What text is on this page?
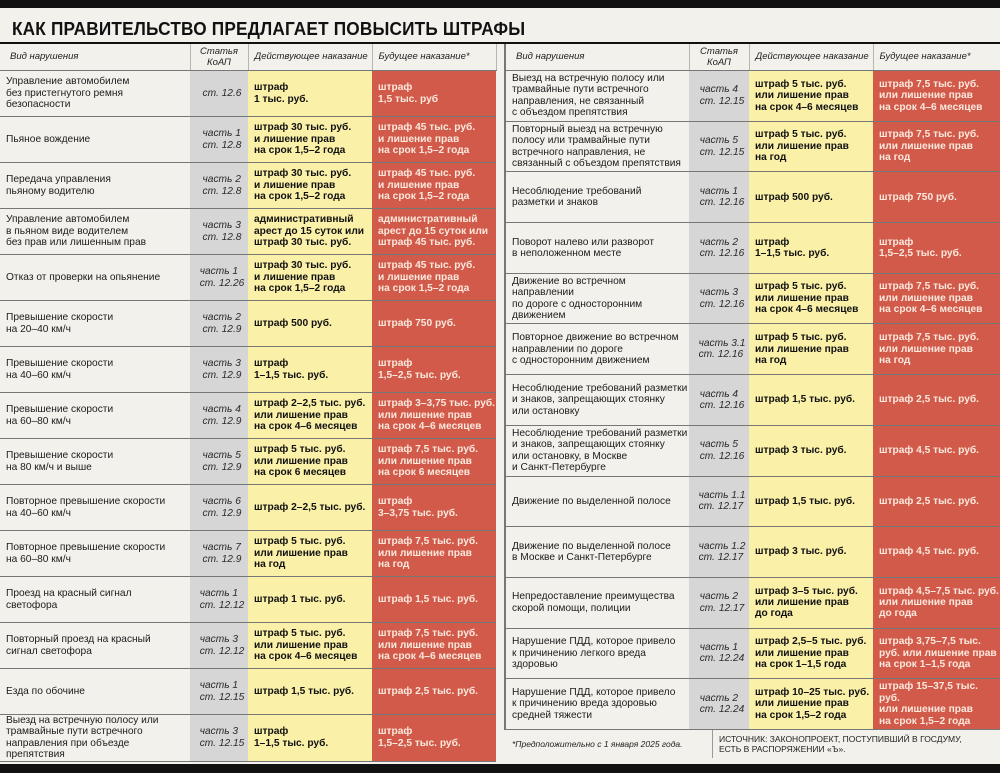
КАК ПРАВИТЕЛЬСТВО ПРЕДЛАГАЕТ ПОВЫСИТЬ ШТРАФЫ
Вид нарушения	Статья КоАП	Действующее наказание	Будущее наказание*

Управление автомобилем
без пристегнутого ремня
безопасности	ст. 12.6	штраф
1 тыс. руб.	штраф
1,5 тыс. руб

Пьяное вождение	часть 1
ст. 12.8	штраф 30 тыс. руб.
и лишение прав
на срок 1,5–2 года	штраф 45 тыс. руб.
и лишение прав
на срок 1,5–2 года

Передача управления
пьяному водителю	часть 2
ст. 12.8	штраф 30 тыс. руб.
и лишение прав
на срок 1,5–2 года	штраф 45 тыс. руб.
и лишение прав
на срок 1,5–2 года

Управление автомобилем
в пьяном виде водителем
без прав или лишенным прав	часть 3
ст. 12.8	административный
арест до 15 суток или
штраф 30 тыс. руб.	административный
арест до 15 суток или
штраф 45 тыс. руб.

Отказ от проверки на опьянение	часть 1
ст. 12.26	штраф 30 тыс. руб.
и лишение прав
на срок 1,5–2 года	штраф 45 тыс. руб.
и лишение прав
на срок 1,5–2 года

Превышение скорости
на 20–40 км/ч	часть 2
ст. 12.9	штраф 500 руб.	штраф 750 руб.

Превышение скорости
на 40–60 км/ч	часть 3
ст. 12.9	штраф
1–1,5 тыс. руб.	штраф
1,5–2,5 тыс. руб.

Превышение скорости
на 60–80 км/ч	часть 4
ст. 12.9	штраф 2–2,5 тыс. руб.
или лишение прав
на срок 4–6 месяцев	штраф 3–3,75 тыс. руб.
или лишение прав
на срок 4–6 месяцев

Превышение скорости
на 80 км/ч и выше	часть 5
ст. 12.9	штраф 5 тыс. руб.
или лишение прав
на срок 6 месяцев	штраф 7,5 тыс. руб.
или лишение прав
на срок 6 месяцев

Повторное превышение скорости
на 40–60 км/ч	часть 6
ст. 12.9	штраф 2–2,5 тыс. руб.	штраф
3–3,75 тыс. руб.

Повторное превышение скорости
на 60–80 км/ч	часть 7
ст. 12.9	штраф 5 тыс. руб.
или лишение прав
на год	штраф 7,5 тыс. руб.
или лишение прав
на год

Проезд на красный сигнал
светофора	часть 1
ст. 12.12	штраф 1 тыс. руб.	штраф 1,5 тыс. руб.

Повторный проезд на красный
сигнал светофора	часть 3
ст. 12.12	штраф 5 тыс. руб.
или лишение прав
на срок 4–6 месяцев	штраф 7,5 тыс. руб.
или лишение прав
на срок 4–6 месяцев

Езда по обочине	часть 1
ст. 12.15	штраф 1,5 тыс. руб.	штраф 2,5 тыс. руб.

Выезд на встречную полосу или
трамвайные пути встречного
направления при объезде препятствия	часть 3
ст. 12.15	штраф
1–1,5 тыс. руб.	штраф
1,5–2,5 тыс. руб.
Вид нарушения	Статья КоАП	Действующее наказание	Будущее наказание*

Выезд на встречную полосу или
трамвайные пути встречного
направления, не связанный
с объездом препятствия	часть 4
ст. 12.15	штраф 5 тыс. руб.
или лишение прав
на срок 4–6 месяцев	штраф 7,5 тыс. руб.
или лишение прав
на срок 4–6 месяцев

Повторный выезд на встречную
полосу или трамвайные пути
встречного направления, не
связанный с объездом препятствия	часть 5
ст. 12.15	штраф 5 тыс. руб.
или лишение прав
на год	штраф 7,5 тыс. руб.
или лишение прав
на год

Несоблюдение требований
разметки и знаков	часть 1
ст. 12.16	штраф 500 руб.	штраф 750 руб.

Поворот налево или разворот
в неположенном месте	часть 2
ст. 12.16	штраф
1–1,5 тыс. руб.	штраф
1,5–2,5 тыс. руб.

Движение во встречном направлении
по дороге с односторонним
движением	часть 3
ст. 12.16	штраф 5 тыс. руб.
или лишение прав
на срок 4–6 месяцев	штраф 7,5 тыс. руб.
или лишение прав
на срок 4–6 месяцев

Повторное движение во встречном
направлении по дороге
с односторонним движением	часть 3.1
ст. 12.16	штраф 5 тыс. руб.
или лишение прав
на год	штраф 7,5 тыс. руб.
или лишение прав
на год

Несоблюдение требований разметки
и знаков, запрещающих стоянку
или остановку	часть 4
ст. 12.16	штраф 1,5 тыс. руб.	штраф 2,5 тыс. руб.

Несоблюдение требований разметки
и знаков, запрещающих стоянку
или остановку, в Москве
и Санкт-Петербурге	часть 5
ст. 12.16	штраф 3 тыс. руб.	штраф 4,5 тыс. руб.

Движение по выделенной полосе	часть 1.1
ст. 12.17	штраф 1,5 тыс. руб.	штраф 2,5 тыс. руб.

Движение по выделенной полосе
в Москве и Санкт-Петербурге	часть 1.2
ст. 12.17	штраф 3 тыс. руб.	штраф 4,5 тыс. руб.

Непредоставление преимущества
скорой помощи, полиции	часть 2
ст. 12.17	штраф 3–5 тыс. руб.
или лишение прав
до года	штраф 4,5–7,5 тыс. руб.
или лишение прав
до года

Нарушение ПДД, которое привело
к причинению легкого вреда
здоровью	часть 1
ст. 12.24	штраф 2,5–5 тыс. руб.
или лишение прав
на срок 1–1,5 года	штраф 3,75–7,5 тыс.
руб. или лишение прав
на срок 1–1,5 года

Нарушение ПДД, которое привело
к причинению вреда здоровью
средней тяжести	часть 2
ст. 12.24	штраф 10–25 тыс. руб.
или лишение прав
на срок 1,5–2 года	штраф 15–37,5 тыс. руб.
или лишение прав
на срок 1,5–2 года
*Предположительно с 1 января 2025 года.	ИСТОЧНИК: ЗАКОНОПРОЕКТ, ПОСТУПИВШИЙ В ГОСДУМУ,
ЕСТЬ В РАСПОРЯЖЕНИИ «Ъ».
